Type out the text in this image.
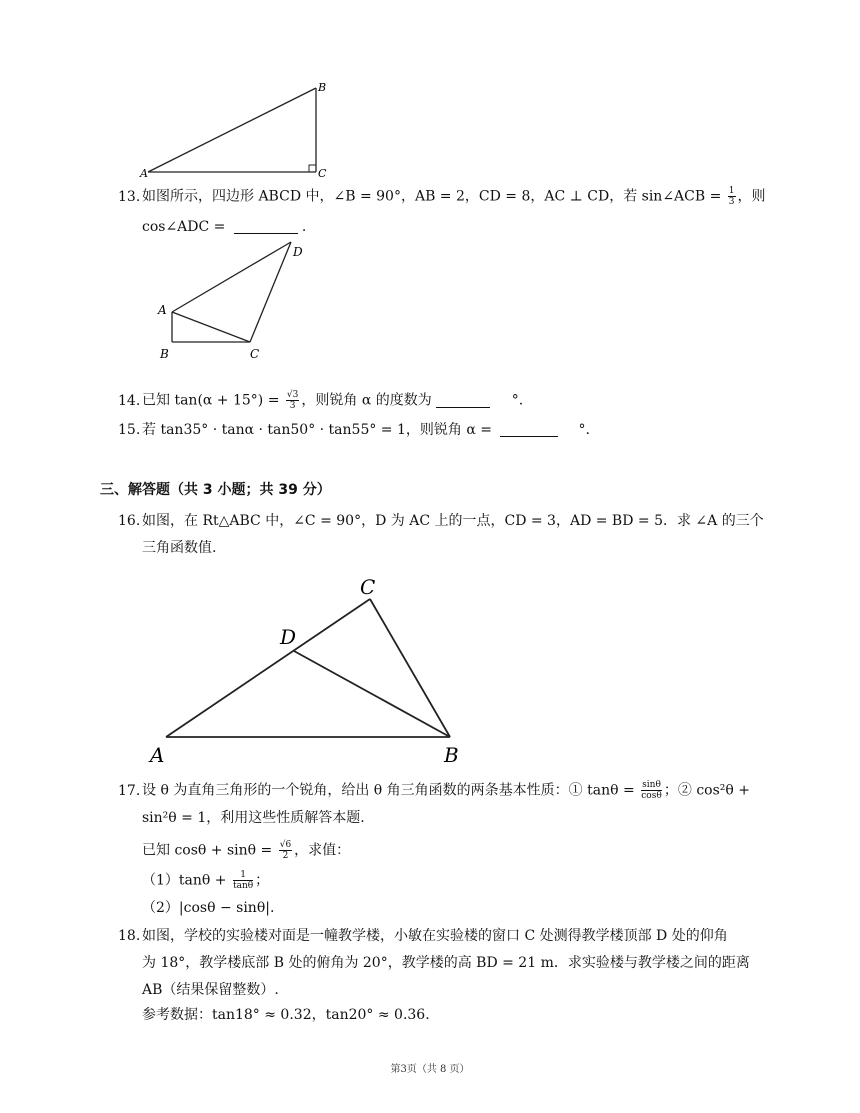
A
B
C
13. 如图所示，四边形 ABCD 中，∠B = 90°，AB = 2，CD = 8，AC ⊥ CD，若 sin∠ACB = $\frac{1}{3}$ ，则
cos∠ADC =	.
A
B	C
D
14. 已知 $\tan(\alpha + 15^\circ) = \frac{√3}{3}$ ，则锐角 α 的度数为	°.
15. 若 tan35° · tanα · tan50° · tan55° = 1，则锐角 α =	°.
三、解答题（共 3 小题；共 39 分）
16. 如图，在 Rt△ABC 中，∠C = 90°，D 为 AC 上的一点，CD = 3，AD = BD = 5．求 ∠A 的三个
三角函数值.
A	B
C
D
17. 设 θ 为直角三角形的一个锐角，给出 θ 角三角函数的两条基本性质：① $\tan\theta = \frac{\sin\theta}{\cos\theta}$ ；② cos²θ +
sin²θ = 1，利用这些性质解答本题.
已知 $\cos\theta + \sin\theta = \frac{√6}{2}$ ，求值：
$(1)\tan\theta + \frac{1}{\tan\theta}$ ；
（2）|cosθ − sinθ|.
18. 如图，学校的实验楼对面是一幢教学楼，小敏在实验楼的窗口 C 处测得教学楼顶部 D 处的仰角
为 18°，教学楼底部 B 处的俯角为 20°，教学楼的高 BD = 21 m．求实验楼与教学楼之间的距离
AB（结果保留整数）.
参考数据：tan18° ≈ 0.32，tan20° ≈ 0.36.
第3页（共 8 页）
